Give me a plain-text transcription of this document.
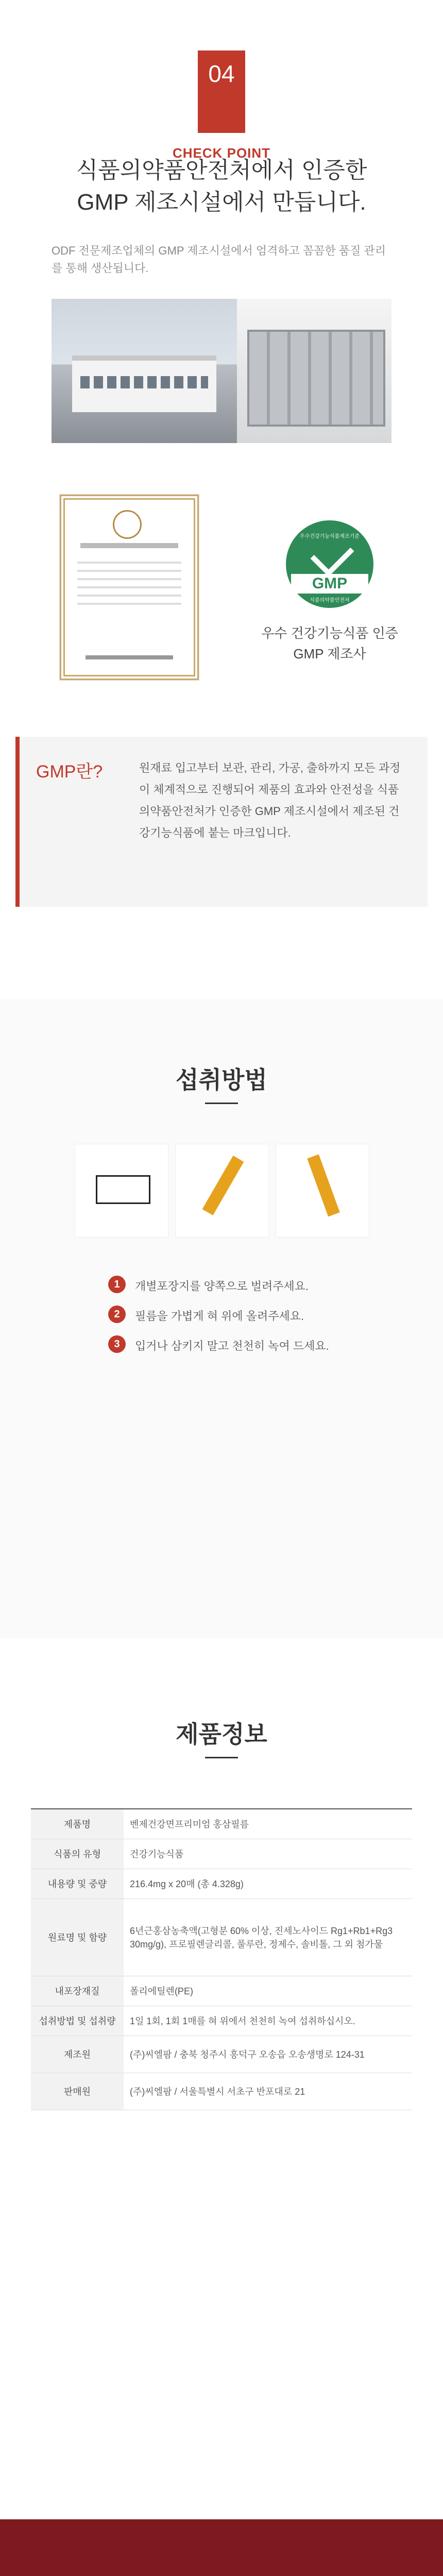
04
CHECK POINT
식품의약품안전처에서 인증한
GMP 제조시설에서 만듭니다.
ODF 전문제조업체의 GMP 제조시설에서 엄격하고 꼼꼼한 품질 관리를 통해 생산됩니다.
우수건강기능식품제조기준
GMP
식품의약품안전처
우수 건강기능식품 인증
GMP 제조사
GMP란?	원재료 입고부터 보관, 관리, 가공, 출하까지 모든 과정이 체계적으로 진행되어 제품의 효과와 안전성을 식품의약품안전처가 인증한 GMP 제조시설에서 제조된 건강기능식품에 붙는 마크입니다.
섭취방법
1	개별포장지를 양쪽으로 벌려주세요.
2	필름을 가볍게 혀 위에 올려주세요.
3	입거나 삼키지 말고 천천히 녹여 드세요.
제품정보
제품명	벤제건강면프리미엄 홍삼필름
식품의 유형	건강기능식품
내용량 및 중량	216.4mg x 20매 (총 4.328g)
원료명 및 함량	6년근홍삼농축액(고형분 60% 이상, 진세노사이드 Rg1+Rb1+Rg3 30mg/g), 프로필렌글리콜, 풀루란, 정제수, 솔비톨, 그 외 첨가물
내포장재질	폴리에틸렌(PE)
섭취방법 및 섭취량	1일 1회, 1회 1매를 혀 위에서 천천히 녹여 섭취하십시오.
제조원	(주)씨엘팜 / 충북 청주시 흥덕구 오송읍 오송생명로 124-31
판매원	(주)씨엘팜 / 서울특별시 서초구 반포대로 21
